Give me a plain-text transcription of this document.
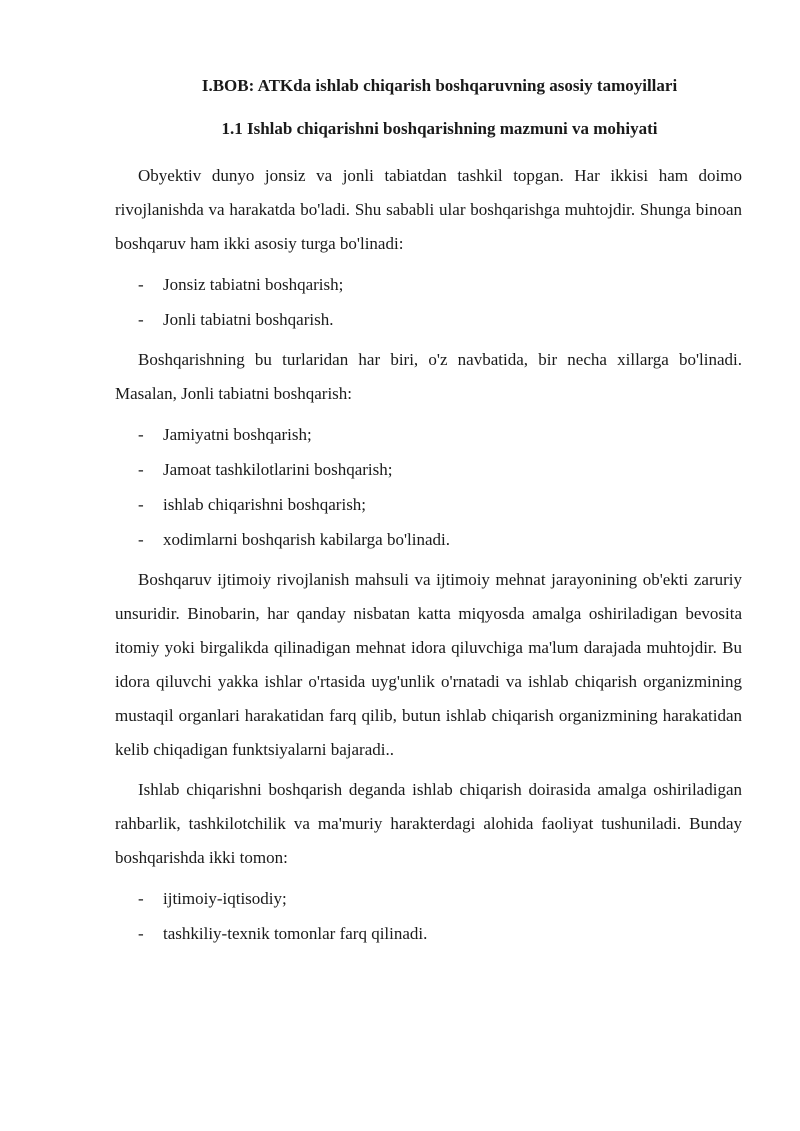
I.BOB: ATKda ishlab chiqarish boshqaruvning asosiy tamoyillari
1.1 Ishlab chiqarishni boshqarishning mazmuni va mohiyati

Obyektiv dunyo jonsiz va jonli tabiatdan tashkil topgan. Har ikkisi ham doimo rivojlanishda va harakatda bo'ladi. Shu sababli ular boshqarishga muhtojdir. Shunga binoan boshqaruv ham ikki asosiy turga bo'linadi:

- Jonsiz tabiatni boshqarish;
- Jonli tabiatni boshqarish.

Boshqarishning bu turlaridan har biri, o'z navbatida, bir necha xillarga bo'linadi. Masalan, Jonli tabiatni boshqarish:

- Jamiyatni boshqarish;
- Jamoat tashkilotlarini boshqarish;
- ishlab chiqarishni boshqarish;
- xodimlarni boshqarish kabilarga bo'linadi.

Boshqaruv ijtimoiy rivojlanish mahsuli va ijtimoiy mehnat jarayonining ob'ekti zaruriy unsuridir. Binobarin, har qanday nisbatan katta miqyosda amalga oshiriladigan bevosita itomiy yoki birgalikda qilinadigan mehnat idora qiluvchiga ma'lum darajada muhtojdir. Bu idora qiluvchi yakka ishlar o'rtasida uyg'unlik o'rnatadi va ishlab chiqarish organizmining mustaqil organlari harakatidan farq qilib, butun ishlab chiqarish organizmining harakatidan kelib chiqadigan funktsiyalarni bajaradi..

Ishlab chiqarishni boshqarish deganda ishlab chiqarish doirasida amalga oshiriladigan rahbarlik, tashkilotchilik va ma'muriy harakterdagi alohida faoliyat tushuniladi. Bunday boshqarishda ikki tomon:

- ijtimoiy-iqtisodiy;
- tashkiliy-texnik tomonlar farq qilinadi.
